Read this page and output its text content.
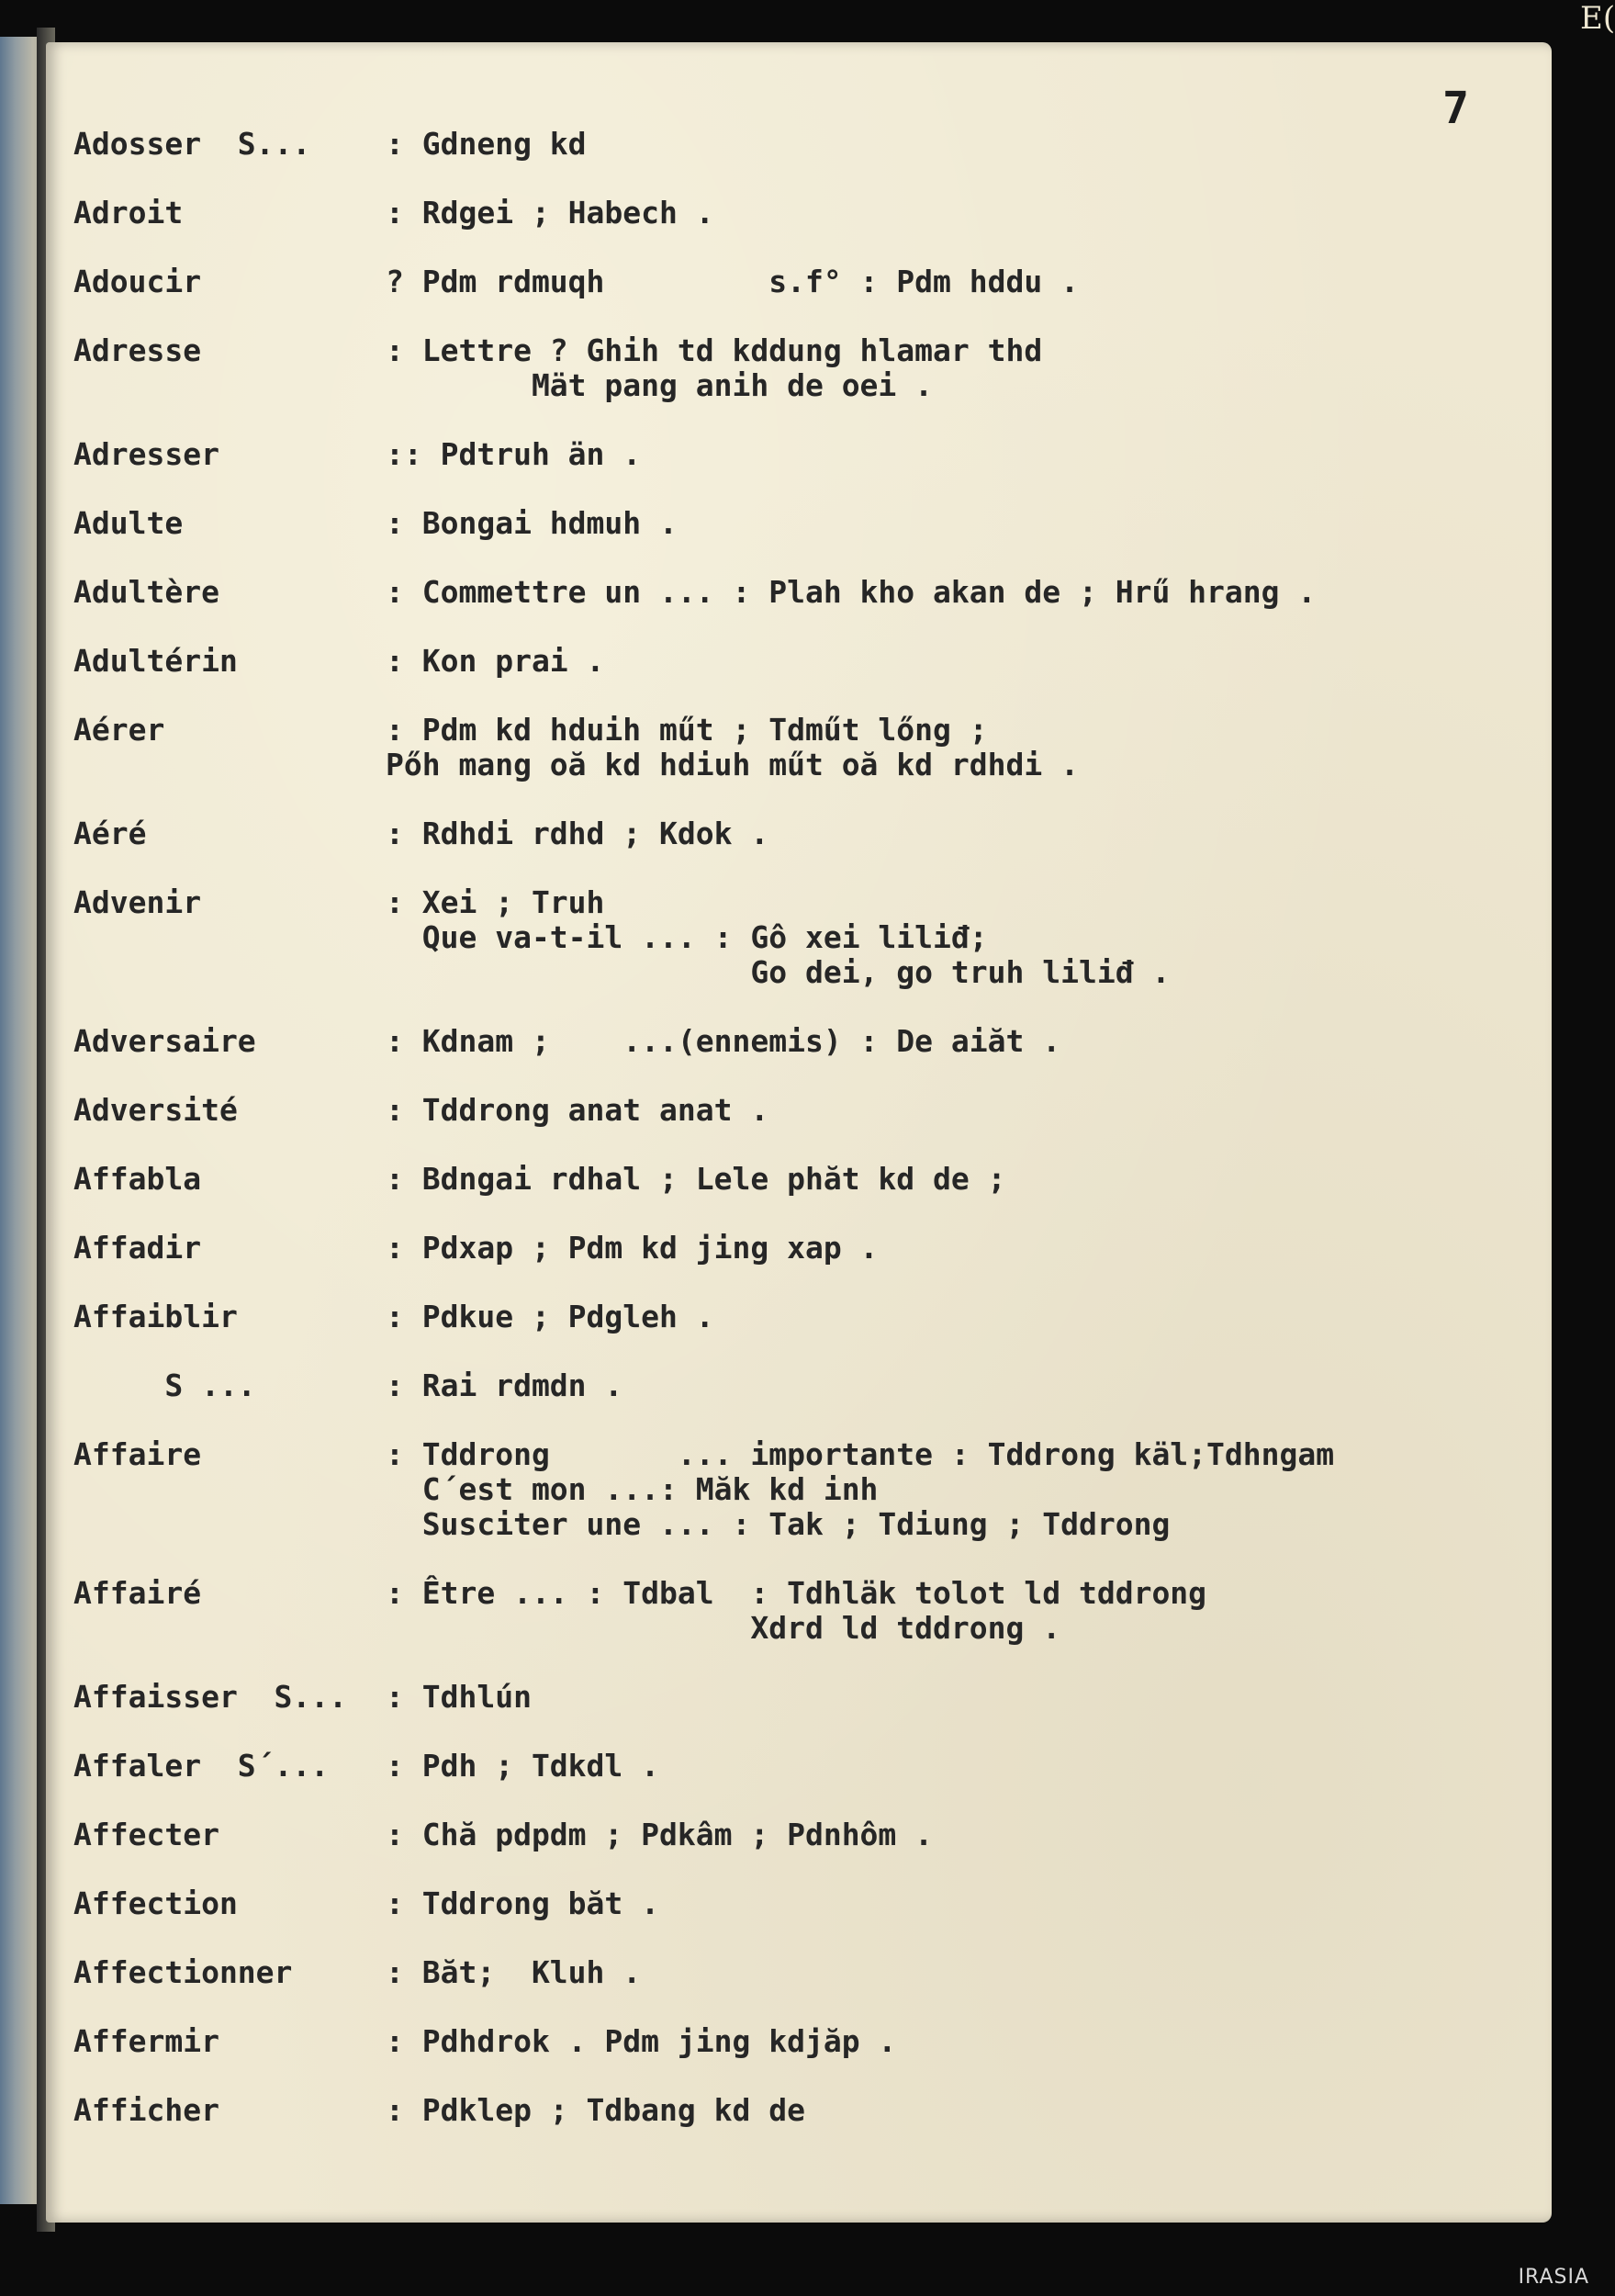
7
Adosser  S...	: Gdneng kd
Adroit	: Rdgei ; Habech .
Adoucir	? Pdm rdmuqh         s.f° : Pdm hddu .
Adresse	: Lettre ? Ghih td kddung hlamar thd
Mät pang anih de oei .
Adresser	:: Pdtruh än .
Adulte	: Bongai hdmuh .
Adultère	: Commettre un ... : Plah kho akan de ; Hrű hrang .
Adultérin	: Kon prai .
Aérer	: Pdm kd hduih műt ; Tdműt lőng ;
Pőh mang oă kd hdiuh műt oă kd rdhdi .
Aéré	: Rdhdi rdhd ; Kdok .
Advenir	: Xei ; Truh
Que va-t-il ... : Gô xei liliđ;
Go dei, go truh liliđ .
Adversaire	: Kdnam ;    ...(ennemis) : De aiăt .
Adversité	: Tddrong anat anat .
Affabla	: Bdngai rdhal ; Lele phăt kd de ;
Affadir	: Pdxap ; Pdm kd jing xap .
Affaiblir	: Pdkue ; Pdgleh .
S ...	: Rai rdmdn .
Affaire	: Tddrong       ... importante : Tddrong käl;Tdhngam
C´est mon ...: Măk kd inh
Susciter une ... : Tak ; Tdiung ; Tddrong
Affairé	: Être ... : Tdbal  : Tdhläk tolot ld tddrong
Xdrd ld tddrong .
Affaisser  S...	: Tdhlún
Affaler  S´...	: Pdh ; Tdkdl .
Affecter	: Chă pdpdm ; Pdkâm ; Pdnhôm .
Affection	: Tddrong băt .
Affectionner	: Băt;  Kluh .
Affermir	: Pdhdrok . Pdm jing kdjăp .
Afficher	: Pdklep ; Tdbang kd de
E(
IRASIA
